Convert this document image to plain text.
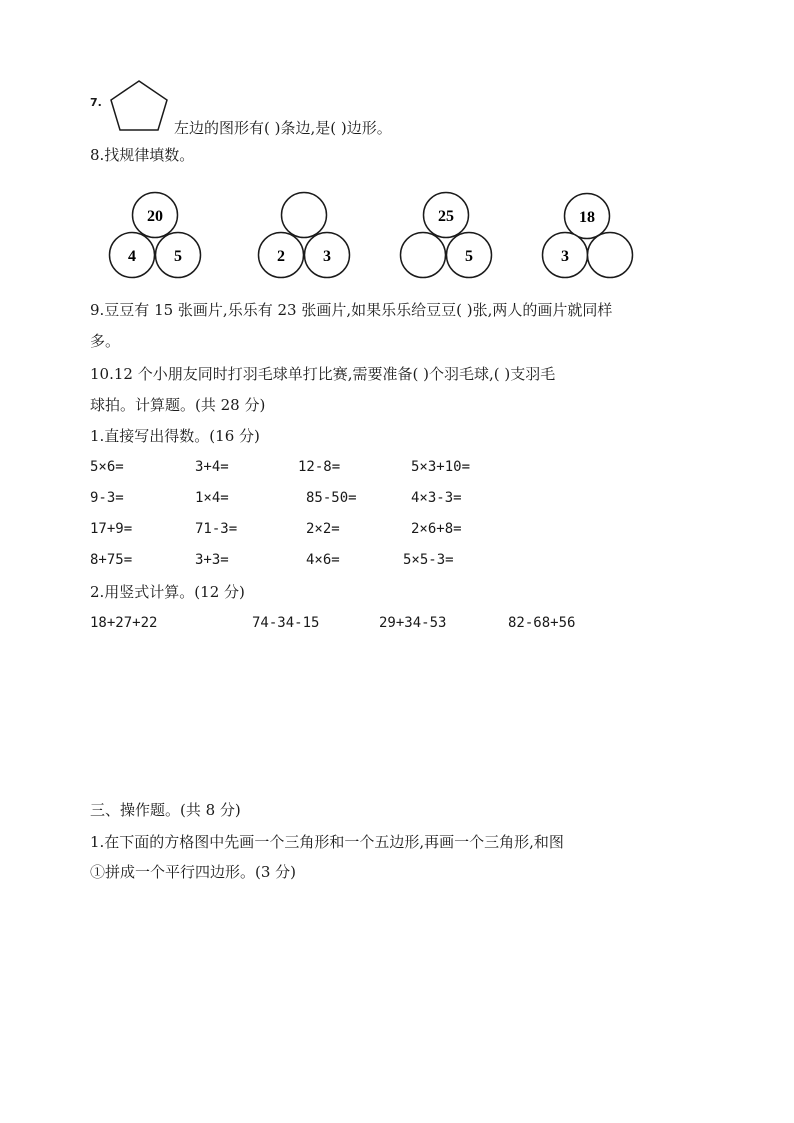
7.

左边的图形有( )条边,是( )边形。

8.找规律填数。

20
4 5	2 3
25
5
18
3

9.豆豆有 15 张画片,乐乐有 23 张画片,如果乐乐给豆豆( )张,两人的画片就同样

多。

10.12 个小朋友同时打羽毛球单打比赛,需要准备( )个羽毛球,( )支羽毛

球拍。计算题。(共 28 分)

1.直接写出得数。(16 分)

5×6=	3+4=	12-8=	5×3+10=
9-3=	1×4=	85-50=	4×3-3=
17+9=	71-3=	2×2=	2×6+8=
8+75=	3+3=	4×6=	5×5-3=

2.用竖式计算。(12 分)

18+27+22	74-34-15	29+34-53	82-68+56

三、操作题。(共 8 分)

1.在下面的方格图中先画一个三角形和一个五边形,再画一个三角形,和图

①拼成一个平行四边形。(3 分)
